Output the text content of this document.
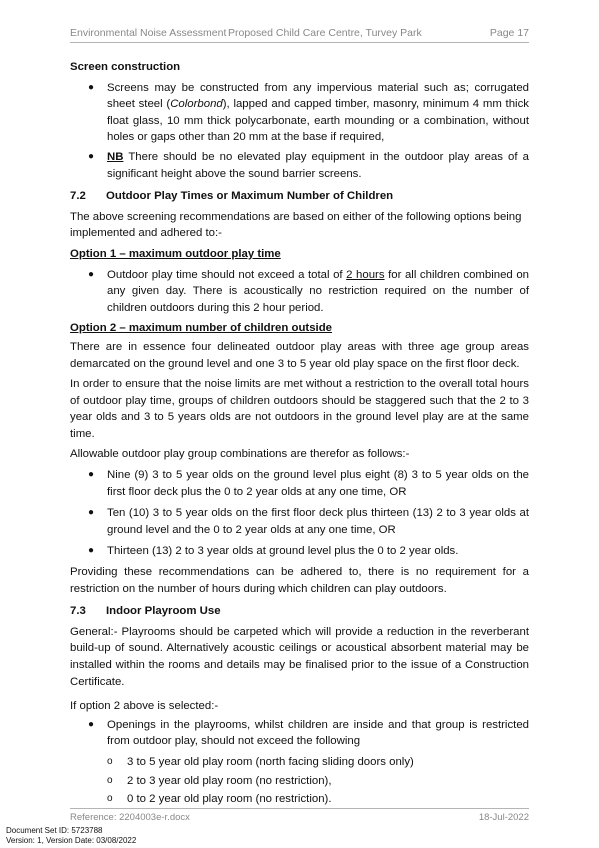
Environmental Noise Assessment Proposed Child Care Centre, Turvey Park	Page 17
Screen construction
● Screens may be constructed from any impervious material such as; corrugated sheet steel (Colorbond), lapped and capped timber, masonry, minimum 4 mm thick float glass, 10 mm thick polycarbonate, earth mounding or a combination, without holes or gaps other than 20 mm at the base if required,
● NB There should be no elevated play equipment in the outdoor play areas of a significant height above the sound barrier screens.
7.2	Outdoor Play Times or Maximum Number of Children

The above screening recommendations are based on either of the following options being implemented and adhered to:-

Option 1 – maximum outdoor play time
● Outdoor play time should not exceed a total of 2 hours for all children combined on any given day. There is acoustically no restriction required on the number of children outdoors during this 2 hour period.
Option 2 – maximum number of children outside

There are in essence four delineated outdoor play areas with three age group areas demarcated on the ground level and one 3 to 5 year old play space on the first floor deck.

In order to ensure that the noise limits are met without a restriction to the overall total hours of outdoor play time, groups of children outdoors should be staggered such that the 2 to 3 year olds and 3 to 5 years olds are not outdoors in the ground level play are at the same time.

Allowable outdoor play group combinations are therefor as follows:-

● Nine (9) 3 to 5 year olds on the ground level plus eight (8) 3 to 5 year olds on the first floor deck plus the 0 to 2 year olds at any one time, OR
● Ten (10) 3 to 5 year olds on the first floor deck plus thirteen (13) 2 to 3 year olds at ground level and the 0 to 2 year olds at any one time, OR
● Thirteen (13) 2 to 3 year olds at ground level plus the 0 to 2 year olds.

Providing these recommendations can be adhered to, there is no requirement for a restriction on the number of hours during which children can play outdoors.

7.3	Indoor Playroom Use

General:- Playrooms should be carpeted which will provide a reduction in the reverberant build-up of sound. Alternatively acoustic ceilings or acoustical absorbent material may be installed within the rooms and details may be finalised prior to the issue of a Construction Certificate.

If option 2 above is selected:-

● Openings in the playrooms, whilst children are inside and that group is restricted from outdoor play, should not exceed the following
o 3 to 5 year old play room (north facing sliding doors only)
o 2 to 3 year old play room (no restriction),
o 0 to 2 year old play room (no restriction).
Reference: 2204003e-r.docx	18-Jul-2022
Document Set ID: 5723788
Version: 1, Version Date: 03/08/2022
